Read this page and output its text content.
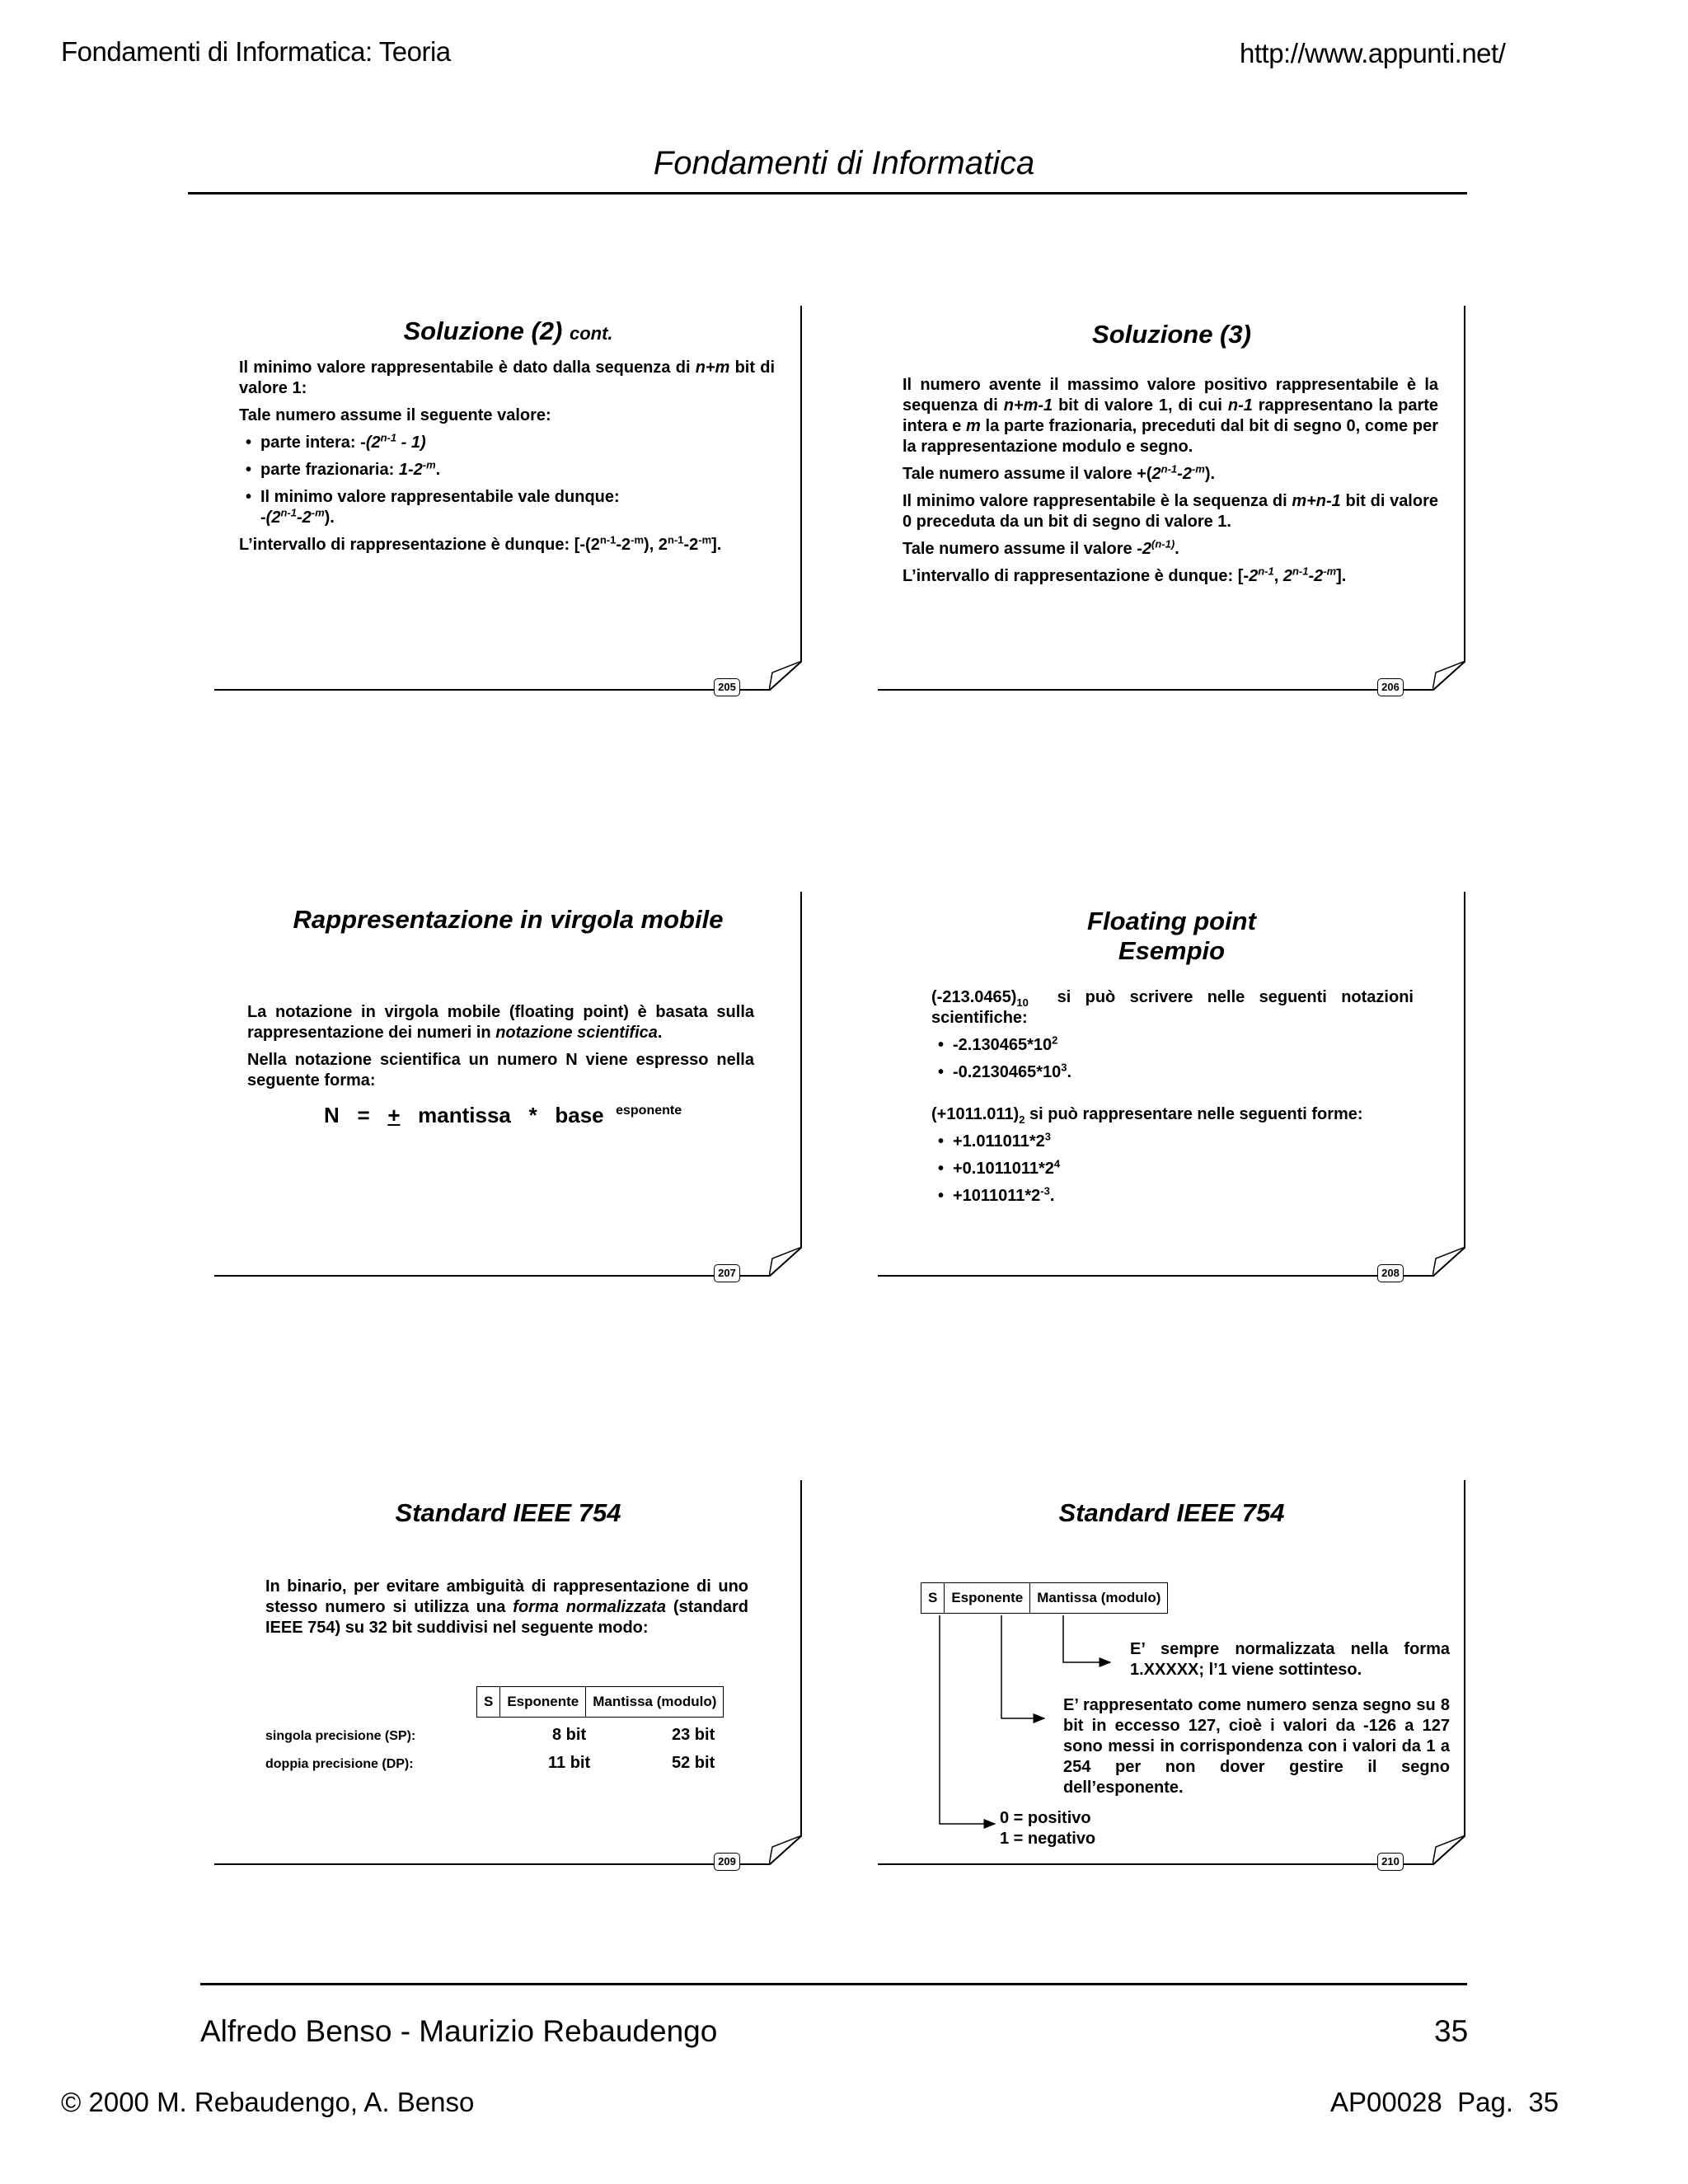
Fondamenti di Informatica: Teoria	http://www.appunti.net/
Fondamenti di Informatica
205
Soluzione (2) cont.

Il minimo valore rappresentabile è dato dalla sequenza di n+m bit di valore 1:

Tale numero assume il seguente valore:

• parte intera: -(2$^{n-1}$ - 1)
• parte frazionaria: $1-2^{-m}$.
• Il minimo valore rappresentabile vale dunque:
$-(2^{n-1}-2^{-m})$.

L’intervallo di rappresentazione è dunque: [$-(2^{n-1}-2^{-m})$, $2^{n-1}-2^{-m}$].

206
Soluzione (3)

Il numero avente il massimo valore positivo rappresentabile è la sequenza di n+m-1 bit di valore 1, di cui n-1 rappresentano la parte intera e m la parte frazionaria, preceduti dal bit di segno 0, come per la rappresentazione modulo e segno.

Tale numero assume il valore $+(2^{n-1}-2^{-m})$.

Il minimo valore rappresentabile è la sequenza di m+n-1 bit di valore 0 preceduta da un bit di segno di valore 1.

Tale numero assume il valore -2$^{(n-1)}$.

L’intervallo di rappresentazione è dunque: [-2$^{n-1}$, $2^{n-1}-2^{-m}$].

207
Rappresentazione in virgola mobile

La notazione in virgola mobile (floating point) è basata sulla rappresentazione dei numeri in notazione scientifica.

Nella notazione scientifica un numero N viene espresso nella seguente forma:

N = + mantissa * base $^{esponente}$
208
Floating point
Esempio

$(-213.0465)_{10}$ si può scrivere nelle seguenti notazioni scientifiche:

• $-2.130465*10^2$
• $-0.2130465*10^3$.

$(+1011.011)_2$ si può rappresentare nelle seguenti forme:

• $+1.011011*2^3$
• $+0.1011011*2^4$
• $+1011011*2^{-3}$.
209
Standard IEEE 754

In binario, per evitare ambiguità di rappresentazione di uno stesso numero si utilizza una forma normalizzata (standard IEEE 754) su 32 bit suddivisi nel seguente modo:

S	Esponente	Mantissa (modulo)
singola precisione (SP):	8 bit	23 bit
doppia precisione (DP):	11 bit	52 bit
210
Standard IEEE 754
S	Esponente	Mantissa (modulo)

E’ sempre normalizzata nella forma 1.XXXXX; l’1 viene sottinteso.

E’ rappresentato come numero senza segno su 8 bit in eccesso 127, cioè i valori da -126 a 127 sono messi in corrispondenza con i valori da 1 a 254 per non dover gestire il segno dell’esponente.

0 = positivo
1 = negativo
Alfredo Benso - Maurizio Rebaudengo	35
© 2000 M. Rebaudengo, A. Benso	AP00028 Pag. 35
